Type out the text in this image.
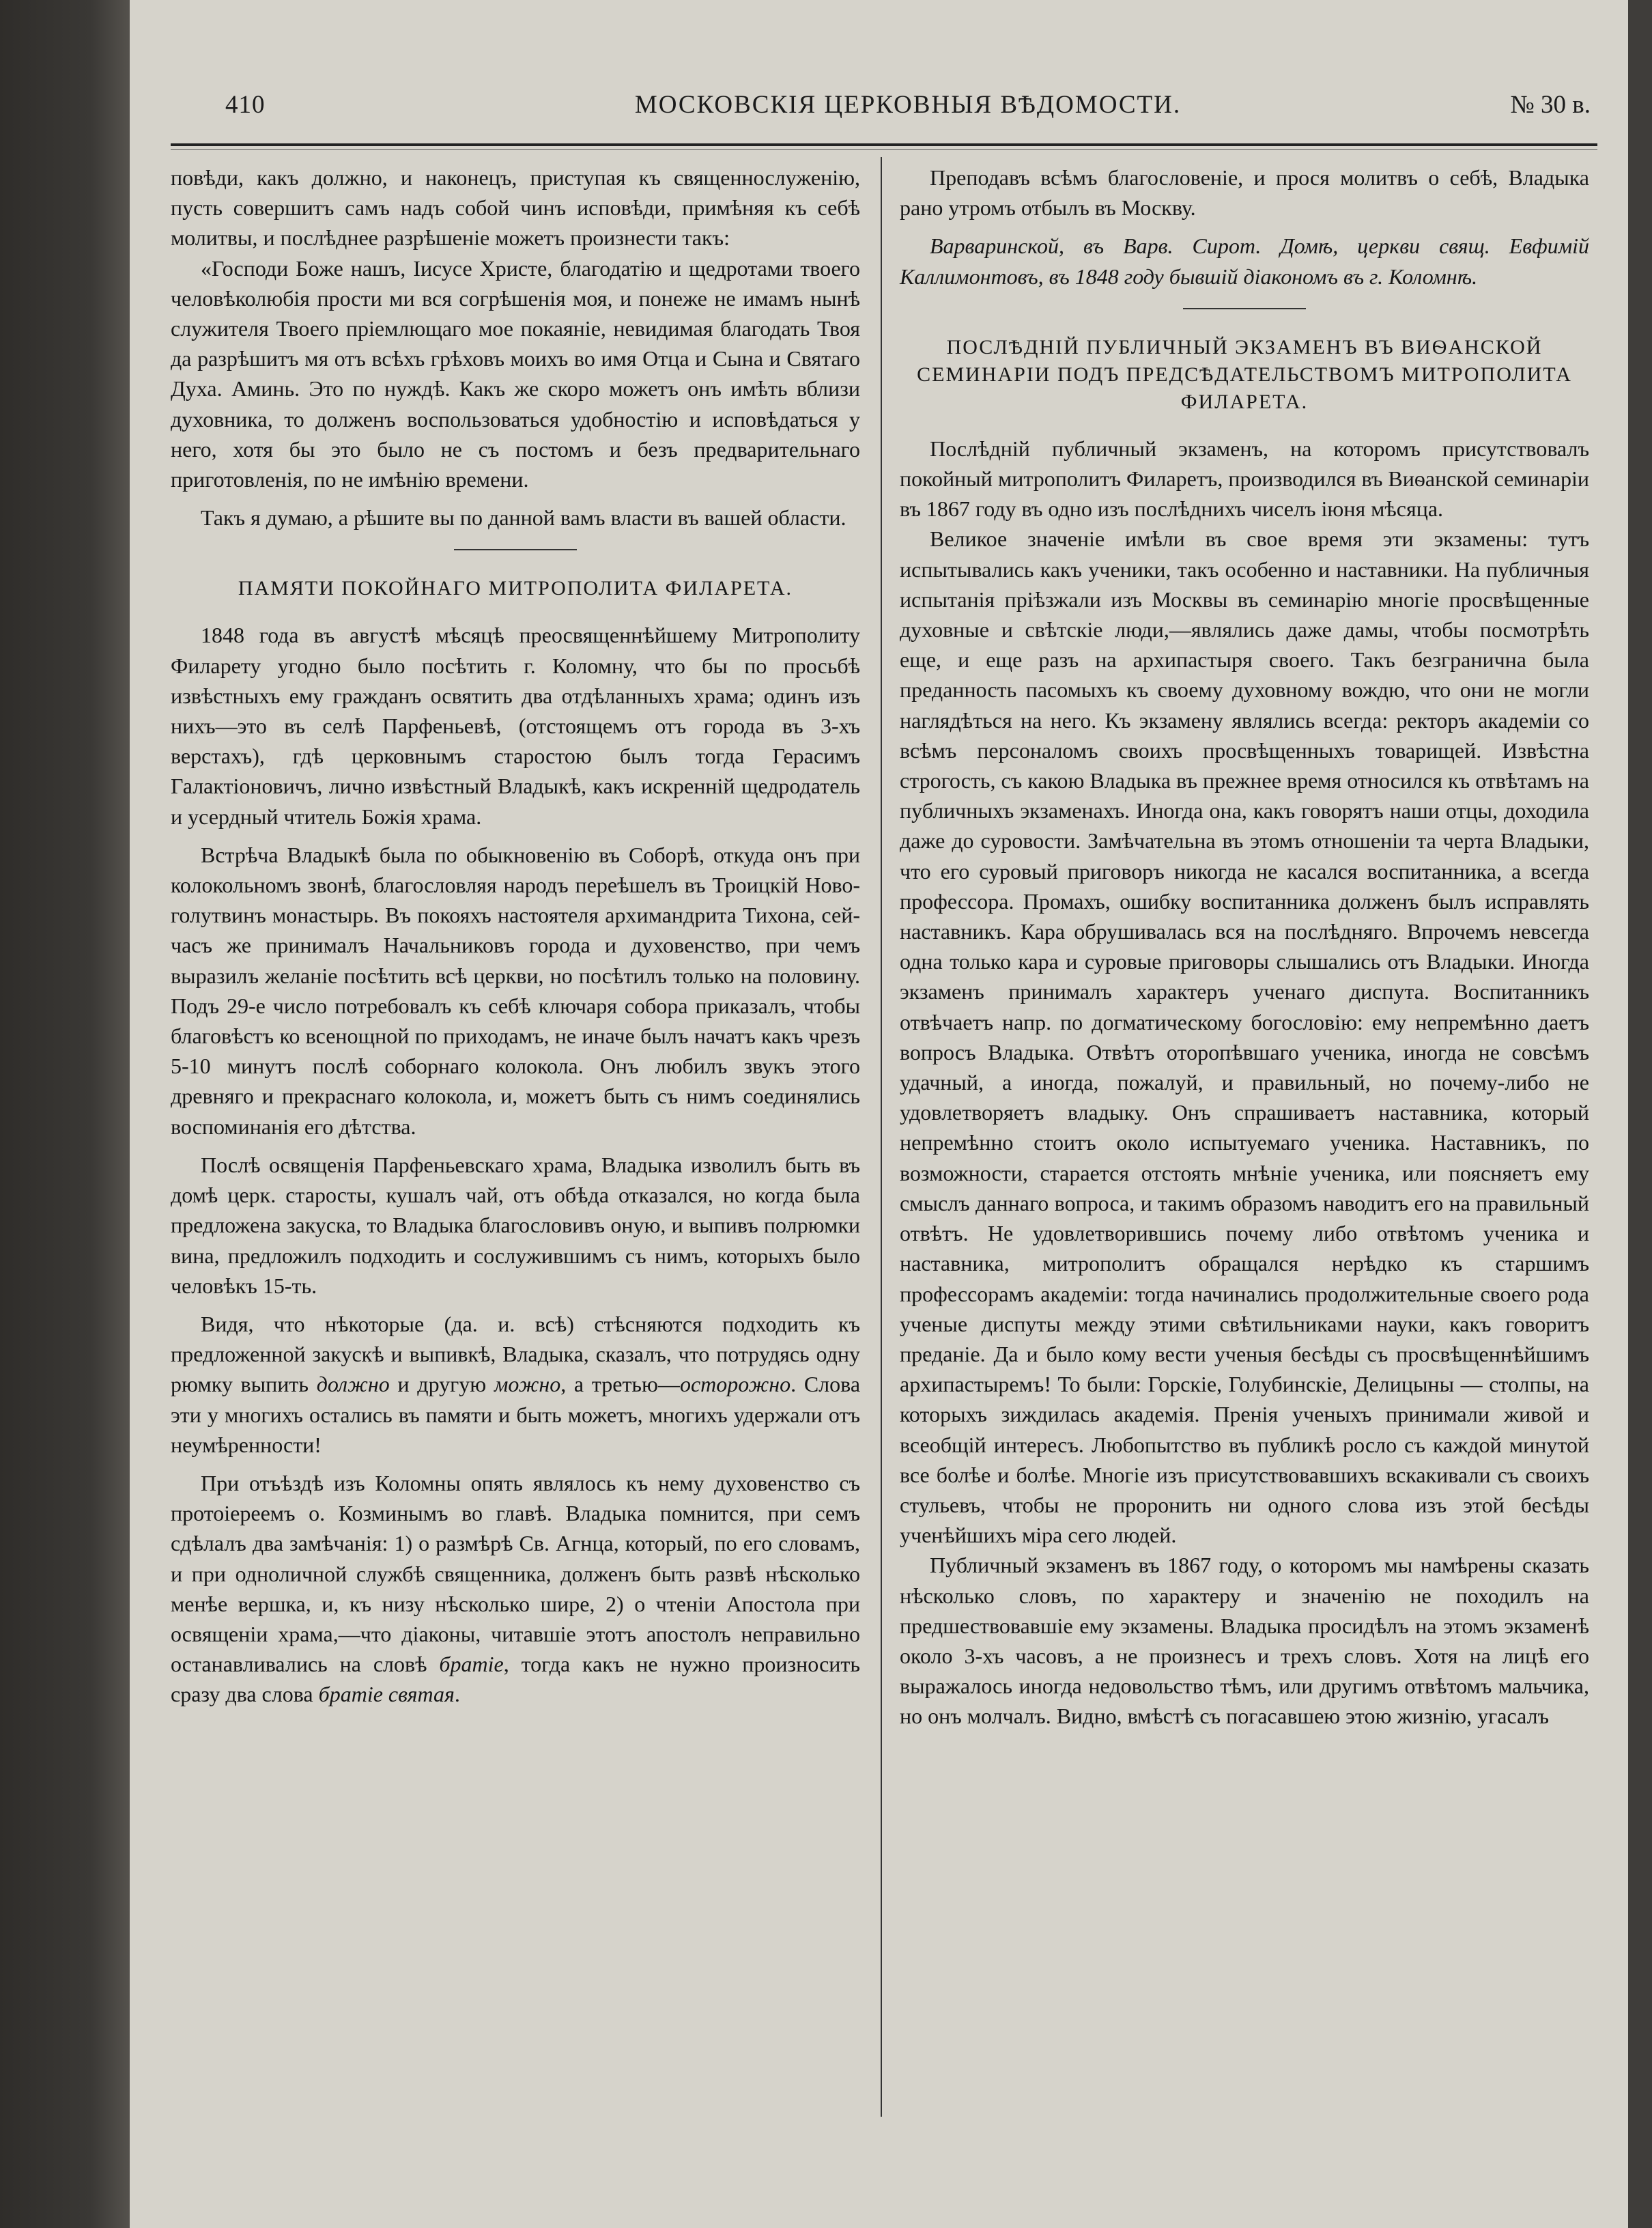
410	МОСКОВСКІЯ ЦЕРКОВНЫЯ ВѢДОМОСТИ.	№ 30 в.

повѣди, какъ должно, и наконецъ, приступая къ священнослуженію, пусть совершитъ самъ надъ собой чинъ исповѣди, примѣняя къ себѣ молитвы, и послѣднее разрѣшеніе можетъ произнести такъ:

«Господи Боже нашъ, Іисусе Христе, благодатію и щедротами твоего человѣколюбія прости ми вся согрѣшенія моя, и понеже не имамъ нынѣ служителя Твоего пріемлющаго мое покаяніе, невидимая благодать Твоя да разрѣшитъ мя отъ всѣхъ грѣховъ моихъ во имя Отца и Сына и Святаго Духа. Аминь. Это по нуждѣ. Какъ же скоро можетъ онъ имѣть вблизи духовника, то долженъ воспользоваться удобностію и исповѣдаться у него, хотя бы это было не съ постомъ и безъ предварительнаго приготовленія, по не имѣнію времени.

Такъ я думаю, а рѣшите вы по данной вамъ власти въ вашей области.

ПАМЯТИ ПОКОЙНАГО МИТРОПОЛИТА ФИЛАРЕТА.

1848 года въ августѣ мѣсяцѣ преосвященнѣйшему Митрополиту Филарету угодно было посѣтить г. Коломну, что бы по просьбѣ извѣстныхъ ему гражданъ освятить два отдѣланныхъ храма; одинъ изъ нихъ—это въ селѣ Парфеньевѣ, (отстоящемъ отъ города въ 3-хъ верстахъ), гдѣ церковнымъ старостою былъ тогда Герасимъ Галактіоновичъ, лично извѣстный Владыкѣ, какъ искренній щедродатель и усердный чтитель Божія храма.

Встрѣча Владыкѣ была по обыкновенію въ Соборѣ, откуда онъ при колокольномъ звонѣ, благословляя народъ переѣшелъ въ Троицкій Ново-голутвинъ монастырь. Въ покояхъ настоятеля архимандрита Тихона, сей-часъ же принималъ Начальниковъ города и духовенство, при чемъ выразилъ желаніе посѣтить всѣ церкви, но посѣтилъ только на половину. Подъ 29-е число потребовалъ къ себѣ ключаря собора приказалъ, чтобы благовѣстъ ко всенощной по приходамъ, не иначе былъ начатъ какъ чрезъ 5-10 минутъ послѣ соборнаго колокола. Онъ любилъ звукъ этого древняго и прекраснаго колокола, и, можетъ быть съ нимъ соединялись воспоминанія его дѣтства.

Послѣ освященія Парфеньевскаго храма, Владыка изволилъ быть въ домѣ церк. старосты, кушалъ чай, отъ обѣда отказался, но когда была предложена закуска, то Владыка благословивъ оную, и выпивъ полрюмки вина, предложилъ подходить и сослужившимъ съ нимъ, которыхъ было человѣкъ 15-ть.

Видя, что нѣкоторые (да. и. всѣ) стѣсняются подходить къ предложенной закускѣ и выпивкѣ, Владыка, сказалъ, что потрудясь одну рюмку выпить должно и другую можно, а третью—осторожно. Слова эти у многихъ остались въ памяти и быть можетъ, многихъ удержали отъ неумѣренности!

При отъѣздѣ изъ Коломны опять являлось къ нему духовенство съ протоіереемъ о. Козминымъ во главѣ. Владыка помнится, при семъ сдѣлалъ два замѣчанія: 1) о размѣрѣ Св. Агнца, который, по его словамъ, и при одноличной службѣ священника, долженъ быть развѣ нѣсколько менѣе вершка, и, къ низу нѣсколько шире, 2) о чтеніи Апостола при освященіи храма,—что діаконы, читавшіе этотъ апостолъ неправильно останавливались на словѣ братіе, тогда какъ не нужно произносить сразу два слова братіе святая.

Преподавъ всѣмъ благословеніе, и прося молитвъ о себѣ, Владыка рано утромъ отбылъ въ Москву.

Варваринской, въ Варв. Сирот. Домѣ, церкви свящ. Евфимій Каллимонтовъ, въ 1848 году бывшій діакономъ въ г. Коломнѣ.

ПОСЛѢДНІЙ ПУБЛИЧНЫЙ ЭКЗАМЕНЪ ВЪ ВИѲАНСКОЙ СЕМИНАРІИ ПОДЪ ПРЕДСѢДАТЕЛЬСТВОМЪ МИТРОПОЛИТА ФИЛАРЕТА.

Послѣдній публичный экзаменъ, на которомъ присутствовалъ покойный митрополитъ Филаретъ, производился въ Виѳанской семинаріи въ 1867 году въ одно изъ послѣднихъ чиселъ іюня мѣсяца.

Великое значеніе имѣли въ свое время эти экзамены: тутъ испытывались какъ ученики, такъ особенно и наставники. На публичныя испытанія пріѣзжали изъ Москвы въ семинарію многіе просвѣщенные духовные и свѣтскіе люди,—являлись даже дамы, чтобы посмотрѣть еще, и еще разъ на архипастыря своего. Такъ безгранична была преданность пасомыхъ къ своему духовному вождю, что они не могли наглядѣться на него. Къ экзамену являлись всегда: ректоръ академіи со всѣмъ персоналомъ своихъ просвѣщенныхъ товарищей. Извѣстна строгость, съ какою Владыка въ прежнее время относился къ отвѣтамъ на публичныхъ экзаменахъ. Иногда она, какъ говорятъ наши отцы, доходила даже до суровости. Замѣчательна въ этомъ отношеніи та черта Владыки, что его суровый приговоръ никогда не касался воспитанника, а всегда профессора. Промахъ, ошибку воспитанника долженъ былъ исправлять наставникъ. Кара обрушивалась вся на послѣдняго. Впрочемъ невсегда одна только кара и суровые приговоры слышались отъ Владыки. Иногда экзаменъ принималъ характеръ ученаго диспута. Воспитанникъ отвѣчаетъ напр. по догматическому богословію: ему непремѣнно даетъ вопросъ Владыка. Отвѣтъ оторопѣвшаго ученика, иногда не совсѣмъ удачный, а иногда, пожалуй, и правильный, но почему-либо не удовлетворяетъ владыку. Онъ спрашиваетъ наставника, который непремѣнно стоитъ около испытуемаго ученика. Наставникъ, по возможности, старается отстоять мнѣніе ученика, или поясняетъ ему смыслъ даннаго вопроса, и такимъ образомъ наводитъ его на правильный отвѣтъ. Не удовлетворившись почему либо отвѣтомъ ученика и наставника, митрополитъ обращался нерѣдко къ старшимъ профессорамъ академіи: тогда начинались продолжительные своего рода ученые диспуты между этими свѣтильниками науки, какъ говоритъ преданіе. Да и было кому вести ученыя бесѣды съ просвѣщеннѣйшимъ архипастыремъ! То были: Горскіе, Голубинскіе, Делицыны — столпы, на которыхъ зиждилась академія. Пренія ученыхъ принимали живой и всеобщій интересъ. Любопытство въ публикѣ росло съ каждой минутой все болѣе и болѣе. Многіе изъ присутствовавшихъ вскакивали съ своихъ стульевъ, чтобы не проронить ни одного слова изъ этой бесѣды ученѣйшихъ міра сего людей.

Публичный экзаменъ въ 1867 году, о которомъ мы намѣрены сказать нѣсколько словъ, по характеру и значенію не походилъ на предшествовавшіе ему экзамены. Владыка просидѣлъ на этомъ экзаменѣ около 3-хъ часовъ, а не произнесъ и трехъ словъ. Хотя на лицѣ его выражалось иногда недовольство тѣмъ, или другимъ отвѣтомъ мальчика, но онъ молчалъ. Видно, вмѣстѣ съ погасавшею этою жизнію, угасалъ
